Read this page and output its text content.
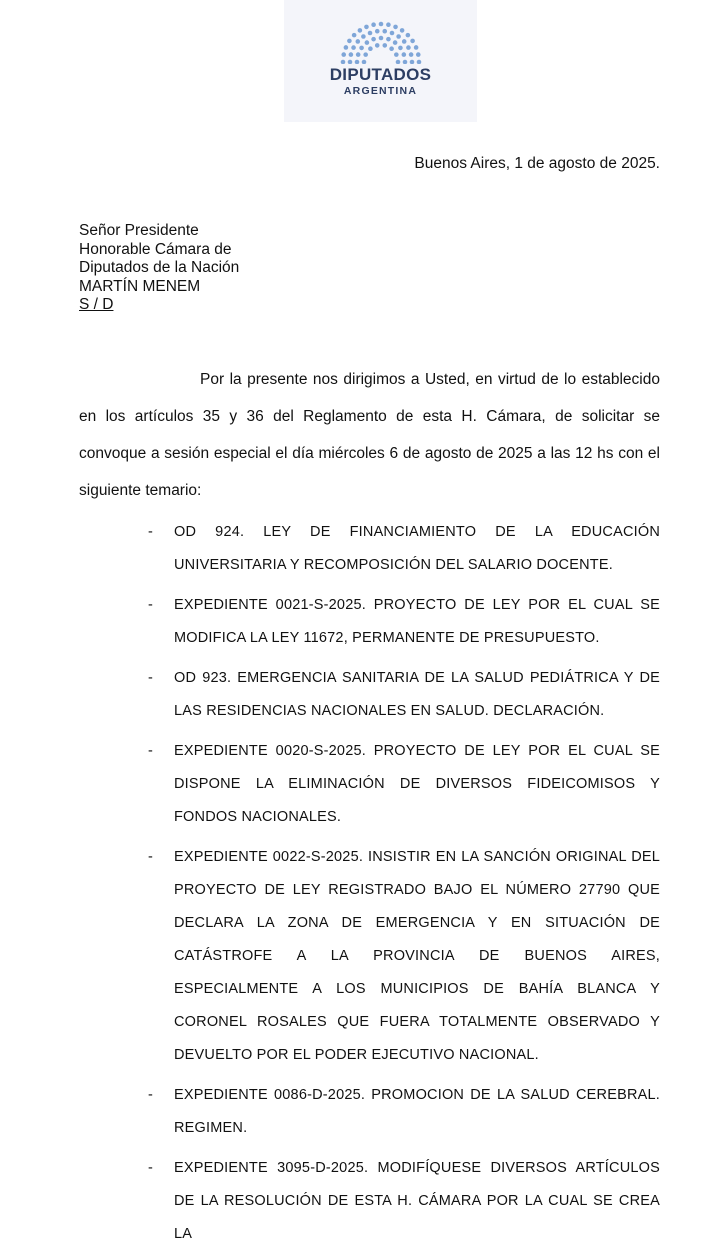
DIPUTADOS
ARGENTINA
Buenos Aires, 1 de agosto de 2025.
Señor Presidente
Honorable Cámara de
Diputados de la Nación
MARTÍN MENEM
S / D

Por la presente nos dirigimos a Usted, en virtud de lo establecido en los artículos 35 y 36 del Reglamento de esta H. Cámara, de solicitar se convoque a sesión especial el día miércoles 6 de agosto de 2025 a las 12 hs con el siguiente temario:

- OD 924. LEY DE FINANCIAMIENTO DE LA EDUCACIÓN UNIVERSITARIA Y RECOMPOSICIÓN DEL SALARIO DOCENTE.
- EXPEDIENTE 0021-S-2025. PROYECTO DE LEY POR EL CUAL SE MODIFICA LA LEY 11672, PERMANENTE DE PRESUPUESTO.
- OD 923. EMERGENCIA SANITARIA DE LA SALUD PEDIÁTRICA Y DE LAS RESIDENCIAS NACIONALES EN SALUD. DECLARACIÓN.
- EXPEDIENTE 0020-S-2025. PROYECTO DE LEY POR EL CUAL SE DISPONE LA ELIMINACIÓN DE DIVERSOS FIDEICOMISOS Y FONDOS NACIONALES.
- EXPEDIENTE 0022-S-2025. INSISTIR EN LA SANCIÓN ORIGINAL DEL PROYECTO DE LEY REGISTRADO BAJO EL NÚMERO 27790 QUE DECLARA LA ZONA DE EMERGENCIA Y EN SITUACIÓN DE CATÁSTROFE A LA PROVINCIA DE BUENOS AIRES, ESPECIALMENTE A LOS MUNICIPIOS DE BAHÍA BLANCA Y CORONEL ROSALES QUE FUERA TOTALMENTE OBSERVADO Y DEVUELTO POR EL PODER EJECUTIVO NACIONAL.
- EXPEDIENTE 0086-D-2025. PROMOCION DE LA SALUD CEREBRAL. REGIMEN.
- EXPEDIENTE 3095-D-2025. MODIFÍQUESE DIVERSOS ARTÍCULOS DE LA RESOLUCIÓN DE ESTA H. CÁMARA POR LA CUAL SE CREA LA
